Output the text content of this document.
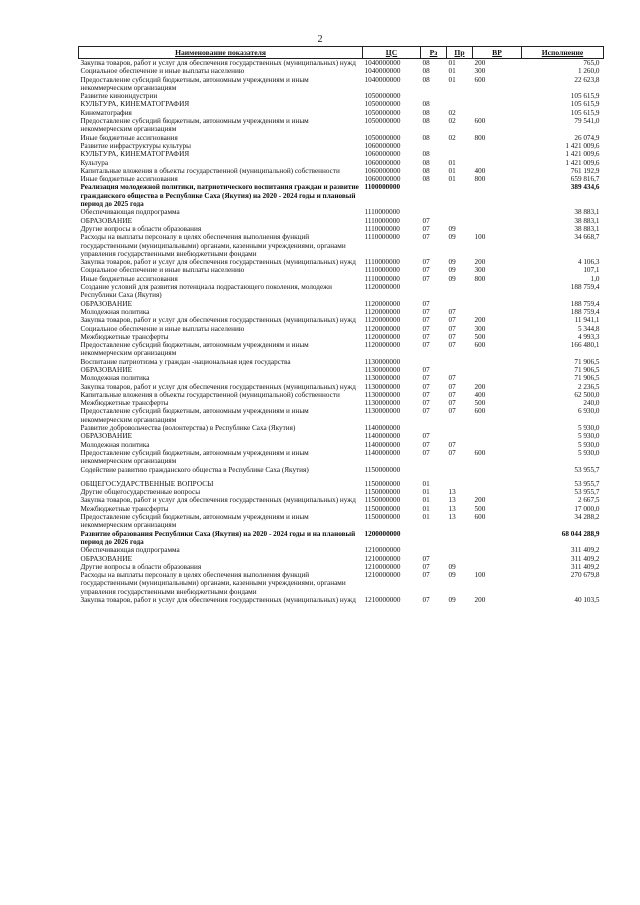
2
Наименование показателя	ЦС	Рз	Пр	ВР	Исполнение
Закупка товаров, работ и услуг для обеспечения государственных (муниципальных) нужд	1040000000	08	01	200	765,0
Социальное обеспечение и иные выплаты населению	1040000000	08	01	300	1 260,0
Предоставление субсидий бюджетным, автономным учреждениям и иным некоммерческим организациям	1040000000	08	01	600	22 623,8
Развитие киноиндустрии	1050000000				105 615,9
КУЛЬТУРА, КИНЕМАТОГРАФИЯ	1050000000	08			105 615,9
Кинематография	1050000000	08	02		105 615,9
Предоставление субсидий бюджетным, автономным учреждениям и иным некоммерческим организациям	1050000000	08	02	600	79 541,0
Иные бюджетные ассигнования	1050000000	08	02	800	26 074,9
Развитие инфраструктуры культуры	1060000000				1 421 009,6
КУЛЬТУРА, КИНЕМАТОГРАФИЯ	1060000000	08			1 421 009,6
Культура	1060000000	08	01		1 421 009,6
Капитальные вложения в объекты государственной (муниципальной) собственности	1060000000	08	01	400	761 192,9
Иные бюджетные ассигнования	1060000000	08	01	800	659 816,7
Реализация молодежной политики, патриотического воспитания граждан и развитие гражданского общества в Республике Саха (Якутия) на 2020 - 2024 годы и плановый период до 2025 года	1100000000				389 434,6
Обеспечивающая подпрограмма	1110000000				38 883,1
ОБРАЗОВАНИЕ	1110000000	07			38 883,1
Другие вопросы в области образования	1110000000	07	09		38 883,1
Расходы на выплаты персоналу в целях обеспечения выполнения функций государственными (муниципальными) органами, казенными учреждениями, органами управления государственными внебюджетными фондами	1110000000	07	09	100	34 668,7
Закупка товаров, работ и услуг для обеспечения государственных (муниципальных) нужд	1110000000	07	09	200	4 106,3
Социальное обеспечение и иные выплаты населению	1110000000	07	09	300	107,1
Иные бюджетные ассигнования	1110000000	07	09	800	1,0
Создание условий для развития потенциала подрастающего поколения, молодежи Республики Саха (Якутия)	1120000000				188 759,4
ОБРАЗОВАНИЕ	1120000000	07			188 759,4
Молодежная политика	1120000000	07	07		188 759,4
Закупка товаров, работ и услуг для обеспечения государственных (муниципальных) нужд	1120000000	07	07	200	11 941,1
Социальное обеспечение и иные выплаты населению	1120000000	07	07	300	5 344,8
Межбюджетные трансферты	1120000000	07	07	500	4 993,3
Предоставление субсидий бюджетным, автономным учреждениям и иным некоммерческим организациям	1120000000	07	07	600	166 480,1
Воспитание патриотизма у граждан -национальная идея государства	1130000000				71 906,5
ОБРАЗОВАНИЕ	1130000000	07			71 906,5
Молодежная политика	1130000000	07	07		71 906,5
Закупка товаров, работ и услуг для обеспечения государственных (муниципальных) нужд	1130000000	07	07	200	2 236,5
Капитальные вложения в объекты государственной (муниципальной) собственности	1130000000	07	07	400	62 500,0
Межбюджетные трансферты	1130000000	07	07	500	240,0
Предоставление субсидий бюджетным, автономным учреждениям и иным некоммерческим организациям	1130000000	07	07	600	6 930,0
Развитие добровольчества (волонтерства) в Республике Саха (Якутия)	1140000000				5 930,0
ОБРАЗОВАНИЕ	1140000000	07			5 930,0
Молодежная политика	1140000000	07	07		5 930,0
Предоставление субсидий бюджетным, автономным учреждениям и иным некоммерческим организациям	1140000000	07	07	600	5 930,0
Содействие развитию гражданского общества в Республике Саха (Якутия)	1150000000				53 955,7
ОБЩЕГОСУДАРСТВЕННЫЕ ВОПРОСЫ	1150000000	01			53 955,7
Другие общегосударственные вопросы	1150000000	01	13		53 955,7
Закупка товаров, работ и услуг для обеспечения государственных (муниципальных) нужд	1150000000	01	13	200	2 667,5
Межбюджетные трансферты	1150000000	01	13	500	17 000,0
Предоставление субсидий бюджетным, автономным учреждениям и иным некоммерческим организациям	1150000000	01	13	600	34 288,2
Развитие образования Республики Саха (Якутия) на 2020 - 2024 годы и на плановый период до 2026 года	1200000000				68 044 288,9
Обеспечивающая подпрограмма	1210000000				311 409,2
ОБРАЗОВАНИЕ	1210000000	07			311 409,2
Другие вопросы в области образования	1210000000	07	09		311 409,2
Расходы на выплаты персоналу в целях обеспечения выполнения функций государственными (муниципальными) органами, казенными учреждениями, органами управления государственными внебюджетными фондами	1210000000	07	09	100	270 679,8
Закупка товаров, работ и услуг для обеспечения государственных (муниципальных) нужд	1210000000	07	09	200	40 103,5
